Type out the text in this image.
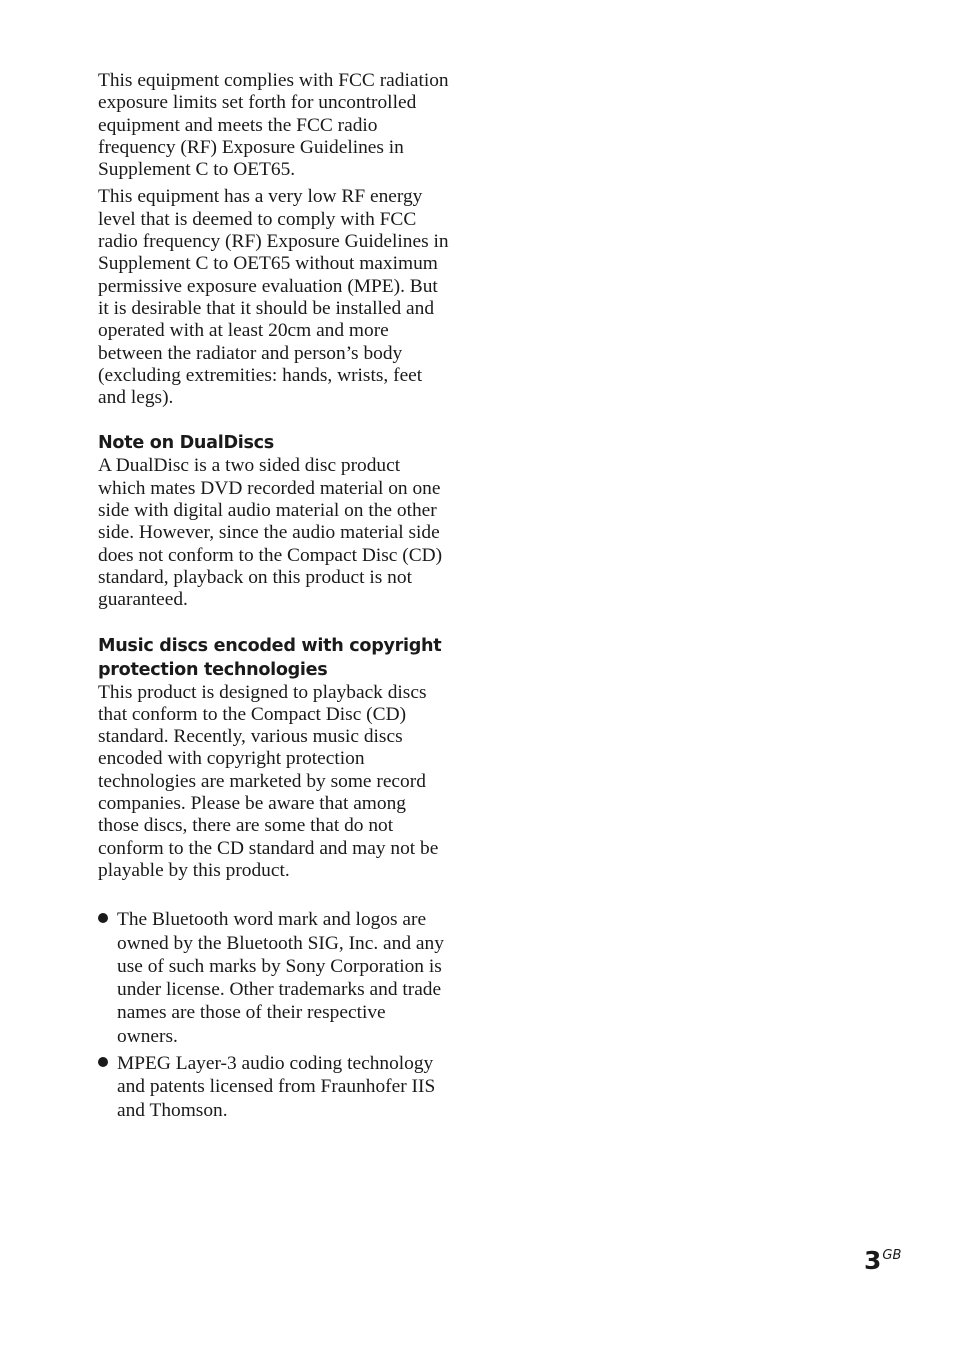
This equipment complies with FCC radiation exposure limits set forth for uncontrolled equipment and meets the FCC radio frequency (RF) Exposure Guidelines in Supplement C to OET65.

This equipment has a very low RF energy level that is deemed to comply with FCC radio frequency (RF) Exposure Guidelines in Supplement C to OET65 without maximum permissive exposure evaluation (MPE). But it is desirable that it should be installed and operated with at least 20cm and more between the radiator and person’s body (excluding extremities: hands, wrists, feet and legs).

Note on DualDiscs

A DualDisc is a two sided disc product which mates DVD recorded material on one side with digital audio material on the other side. However, since the audio material side does not conform to the Compact Disc (CD) standard, playback on this product is not guaranteed.

Music discs encoded with copyright protection technologies

This product is designed to playback discs that conform to the Compact Disc (CD) standard. Recently, various music discs encoded with copyright protection technologies are marketed by some record companies. Please be aware that among those discs, there are some that do not conform to the CD standard and may not be playable by this product.

The Bluetooth word mark and logos are owned by the Bluetooth SIG, Inc. and any use of such marks by Sony Corporation is under license. Other trademarks and trade names are those of their respective owners.
MPEG Layer-3 audio coding technology and patents licensed from Fraunhofer IIS and Thomson.
$3^{GB}$
